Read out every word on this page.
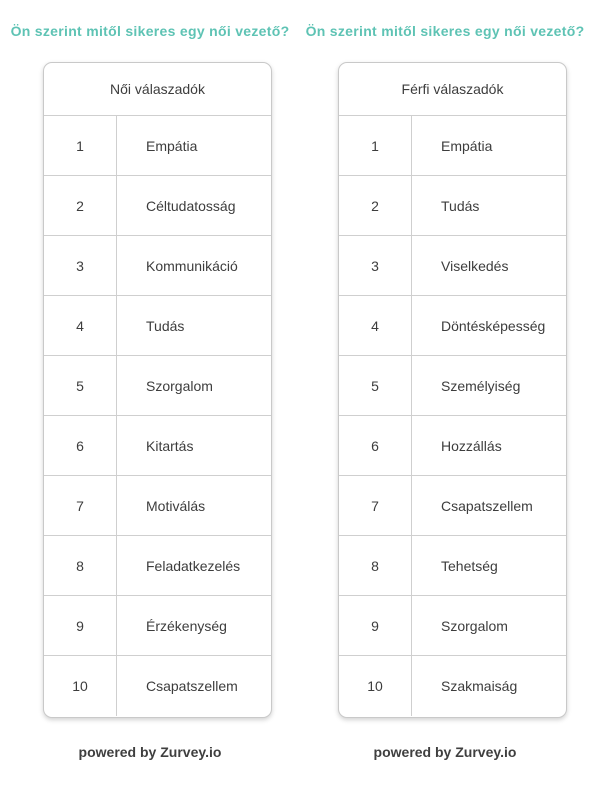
Ön szerint mitől sikeres egy női vezető?
Női válaszadók
1	Empátia
2	Céltudatosság
3	Kommunikáció
4	Tudás
5	Szorgalom
6	Kitartás
7	Motiválás
8	Feladatkezelés
9	Érzékenység
10	Csapatszellem
powered by Zurvey.io
Ön szerint mitől sikeres egy női vezető?
Férfi válaszadók
1	Empátia
2	Tudás
3	Viselkedés
4	Döntésképesség
5	Személyiség
6	Hozzállás
7	Csapatszellem
8	Tehetség
9	Szorgalom
10	Szakmaiság
powered by Zurvey.io
